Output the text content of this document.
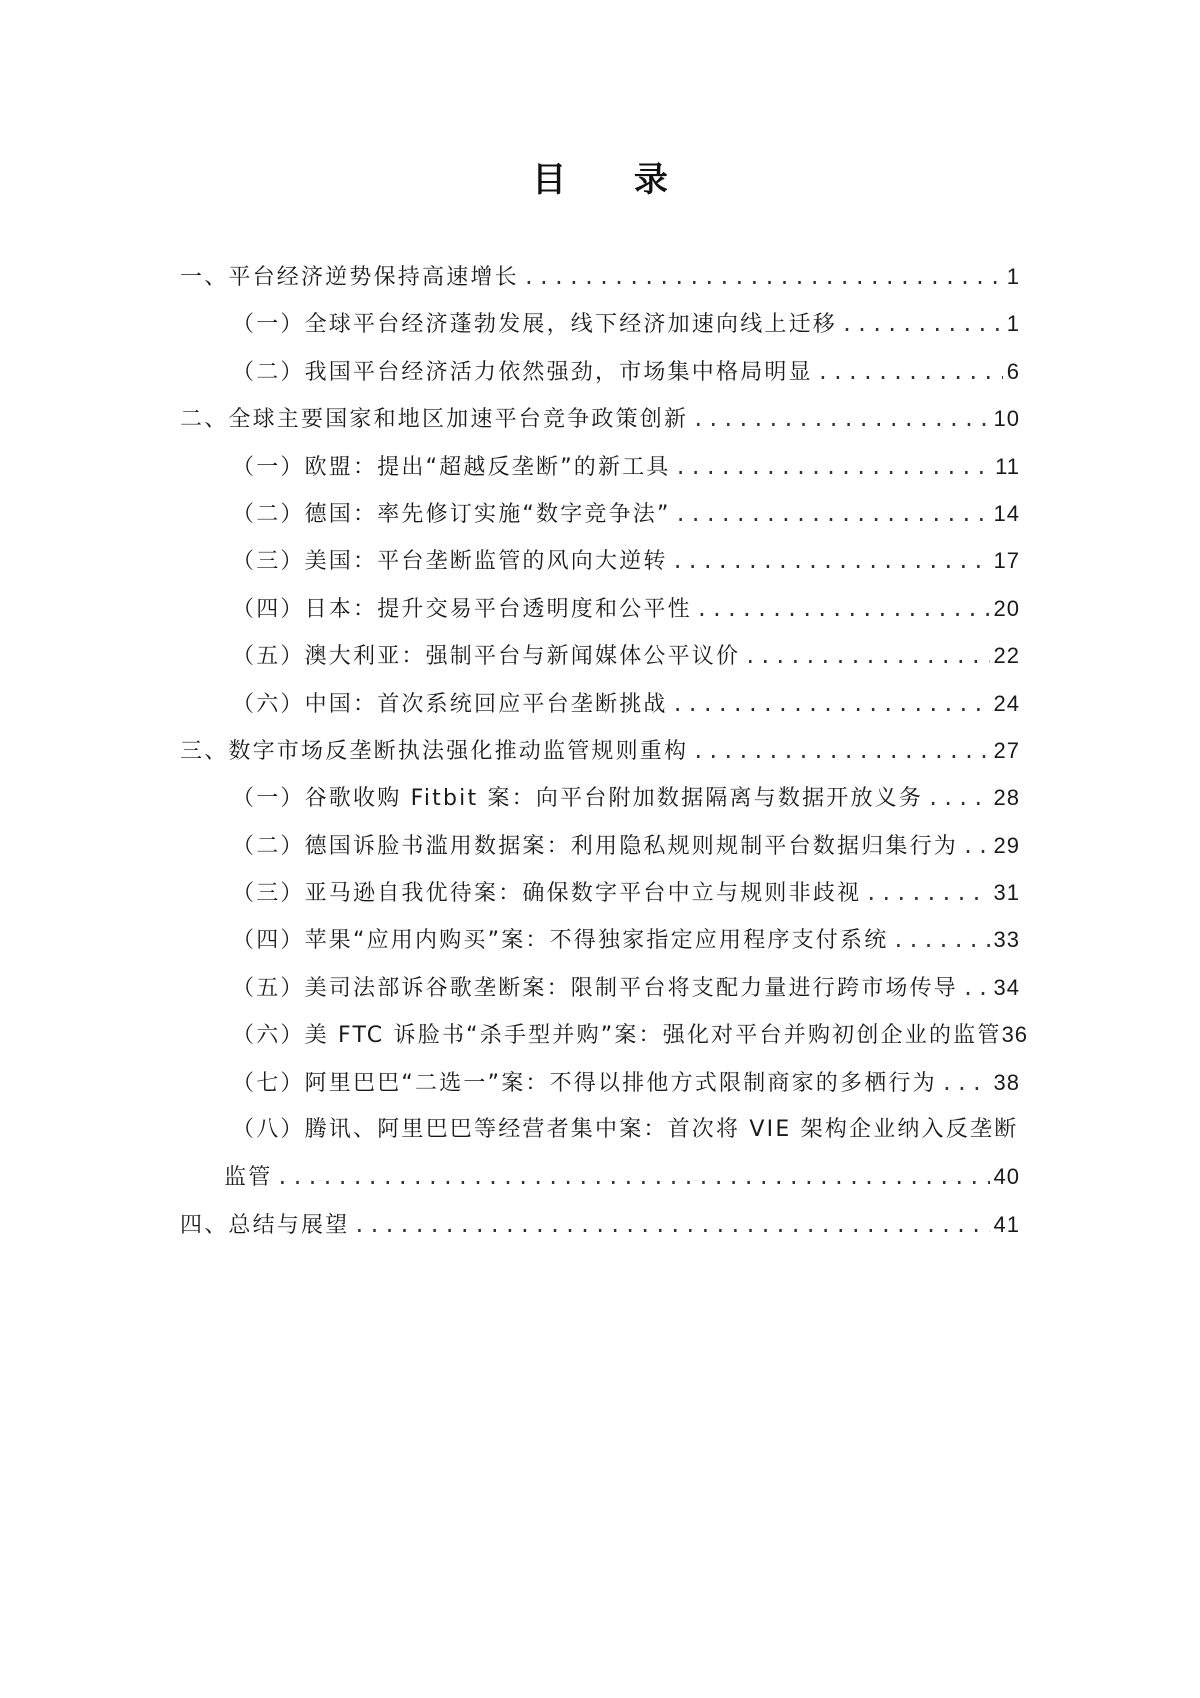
目 录
一、平台经济逆势保持高速增长 .....	1
（一）全球平台经济蓬勃发展，线下经济加速向线上迁移 .....	1
（二）我国平台经济活力依然强劲，市场集中格局明显 .....	6
二、全球主要国家和地区加速平台竞争政策创新 .....	10
（一）欧盟：提出“超越反垄断”的新工具 .....	11
（二）德国：率先修订实施“数字竞争法” .....	14
（三）美国：平台垄断监管的风向大逆转 .....	17
（四）日本：提升交易平台透明度和公平性 .....	20
（五）澳大利亚：强制平台与新闻媒体公平议价 .....	22
（六）中国：首次系统回应平台垄断挑战 .....	24
三、数字市场反垄断执法强化推动监管规则重构 .....	27
（一）谷歌收购 Fitbit 案：向平台附加数据隔离与数据开放义务 .....	28
（二）德国诉脸书滥用数据案：利用隐私规则规制平台数据归集行为 ..... 29
（三）亚马逊自我优待案：确保数字平台中立与规则非歧视 .....	31
（四）苹果“应用内购买”案：不得独家指定应用程序支付系统 .....	33
（五）美司法部诉谷歌垄断案：限制平台将支配力量进行跨市场传导 ..... 34
（六）美 FTC 诉脸书“杀手型并购”案：强化对平台并购初创企业的监管 36
（七）阿里巴巴“二选一”案：不得以排他方式限制商家的多栖行为 .....	38
（八）腾讯、阿里巴巴等经营者集中案：首次将 VIE 架构企业纳入反垄断
监管 .....	40
四、总结与展望 .....	41
